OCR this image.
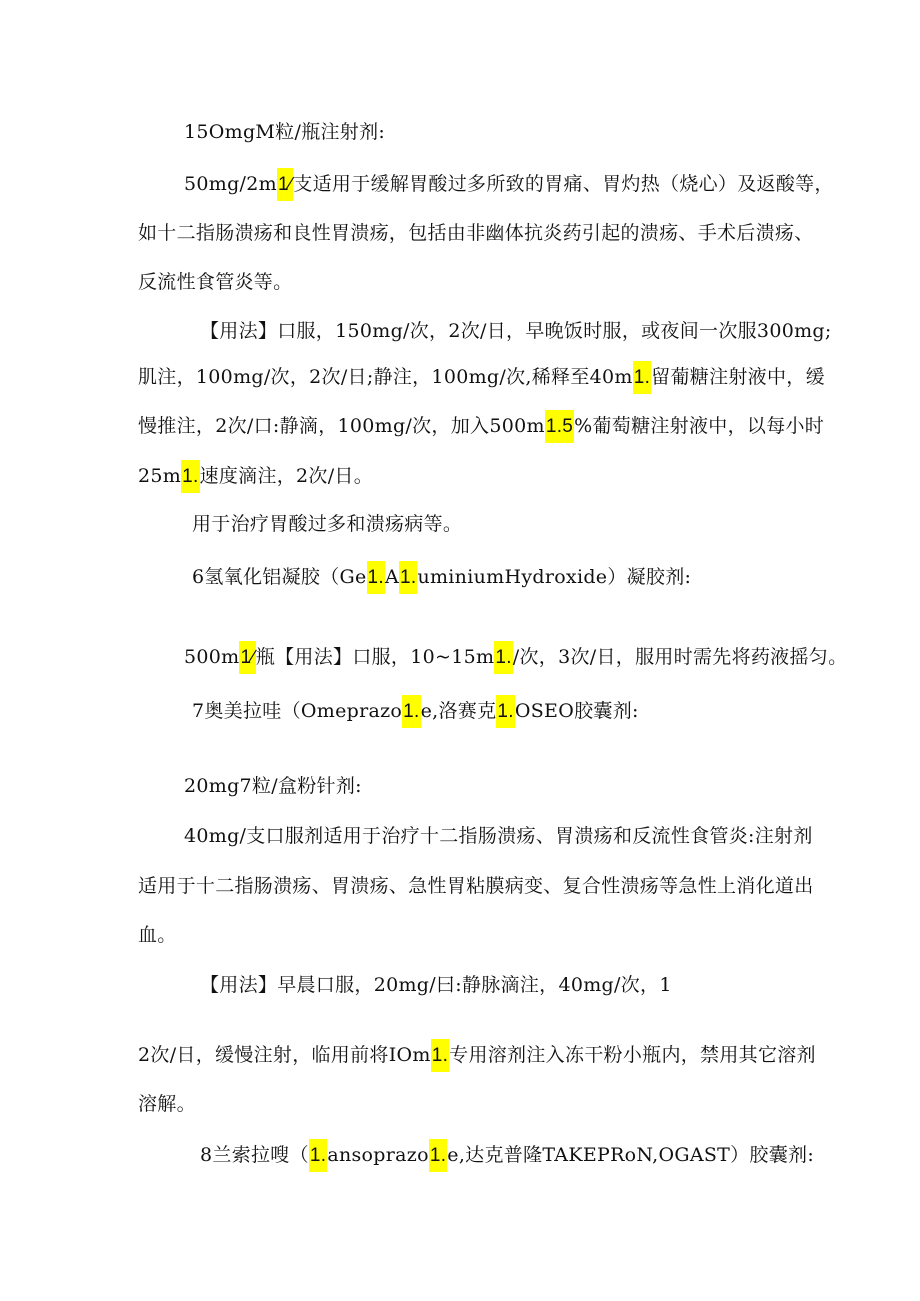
15OmgM粒/瓶注射剂:
50mg∕2m1∕支适用于缓解胃酸过多所致的胃痛、胃灼热（烧心）及返酸等，
如十二指肠溃疡和良性胃溃疡，包括由非幽体抗炎药引起的溃疡、手术后溃疡、
反流性食管炎等。
【用法】口服，150mg∕次，2次/日，早晚饭时服，或夜间一次服300mg;
肌注，100mg/次，2次/日;静注，100mg/次,稀释至40m1.留葡糖注射液中，缓
慢推注，2次/口:静滴，100mg/次，加入500m1.5%葡萄糖注射液中，以每小时
25m1.速度滴注，2次/日。
用于治疗胃酸过多和溃疡病等。
6氢氧化铝凝胶（Ge1.A1.uminiumHydroxide）凝胶剂:
500m1∕瓶【用法】口服，10~15m1./次，3次/日，服用时需先将药液摇匀。
7奥美拉哇（Omeprazo1.e,洛赛克1.OSEO胶囊剂:
20mg7粒/盒粉针剂:
40mg∕支口服剂适用于治疗十二指肠溃疡、胃溃疡和反流性食管炎:注射剂
适用于十二指肠溃疡、胃溃疡、急性胃粘膜病变、复合性溃疡等急性上消化道出
血。
【用法】早晨口服，20mg∕曰:静脉滴注，40mg∕次，1
2次/日，缓慢注射，临用前将IOm1.专用溶剂注入冻干粉小瓶内，禁用其它溶剂
溶解。
8兰索拉嗖（1.ansoprazo1.e,达克普隆TAKEPRoN,OGAST）胶囊剂:
